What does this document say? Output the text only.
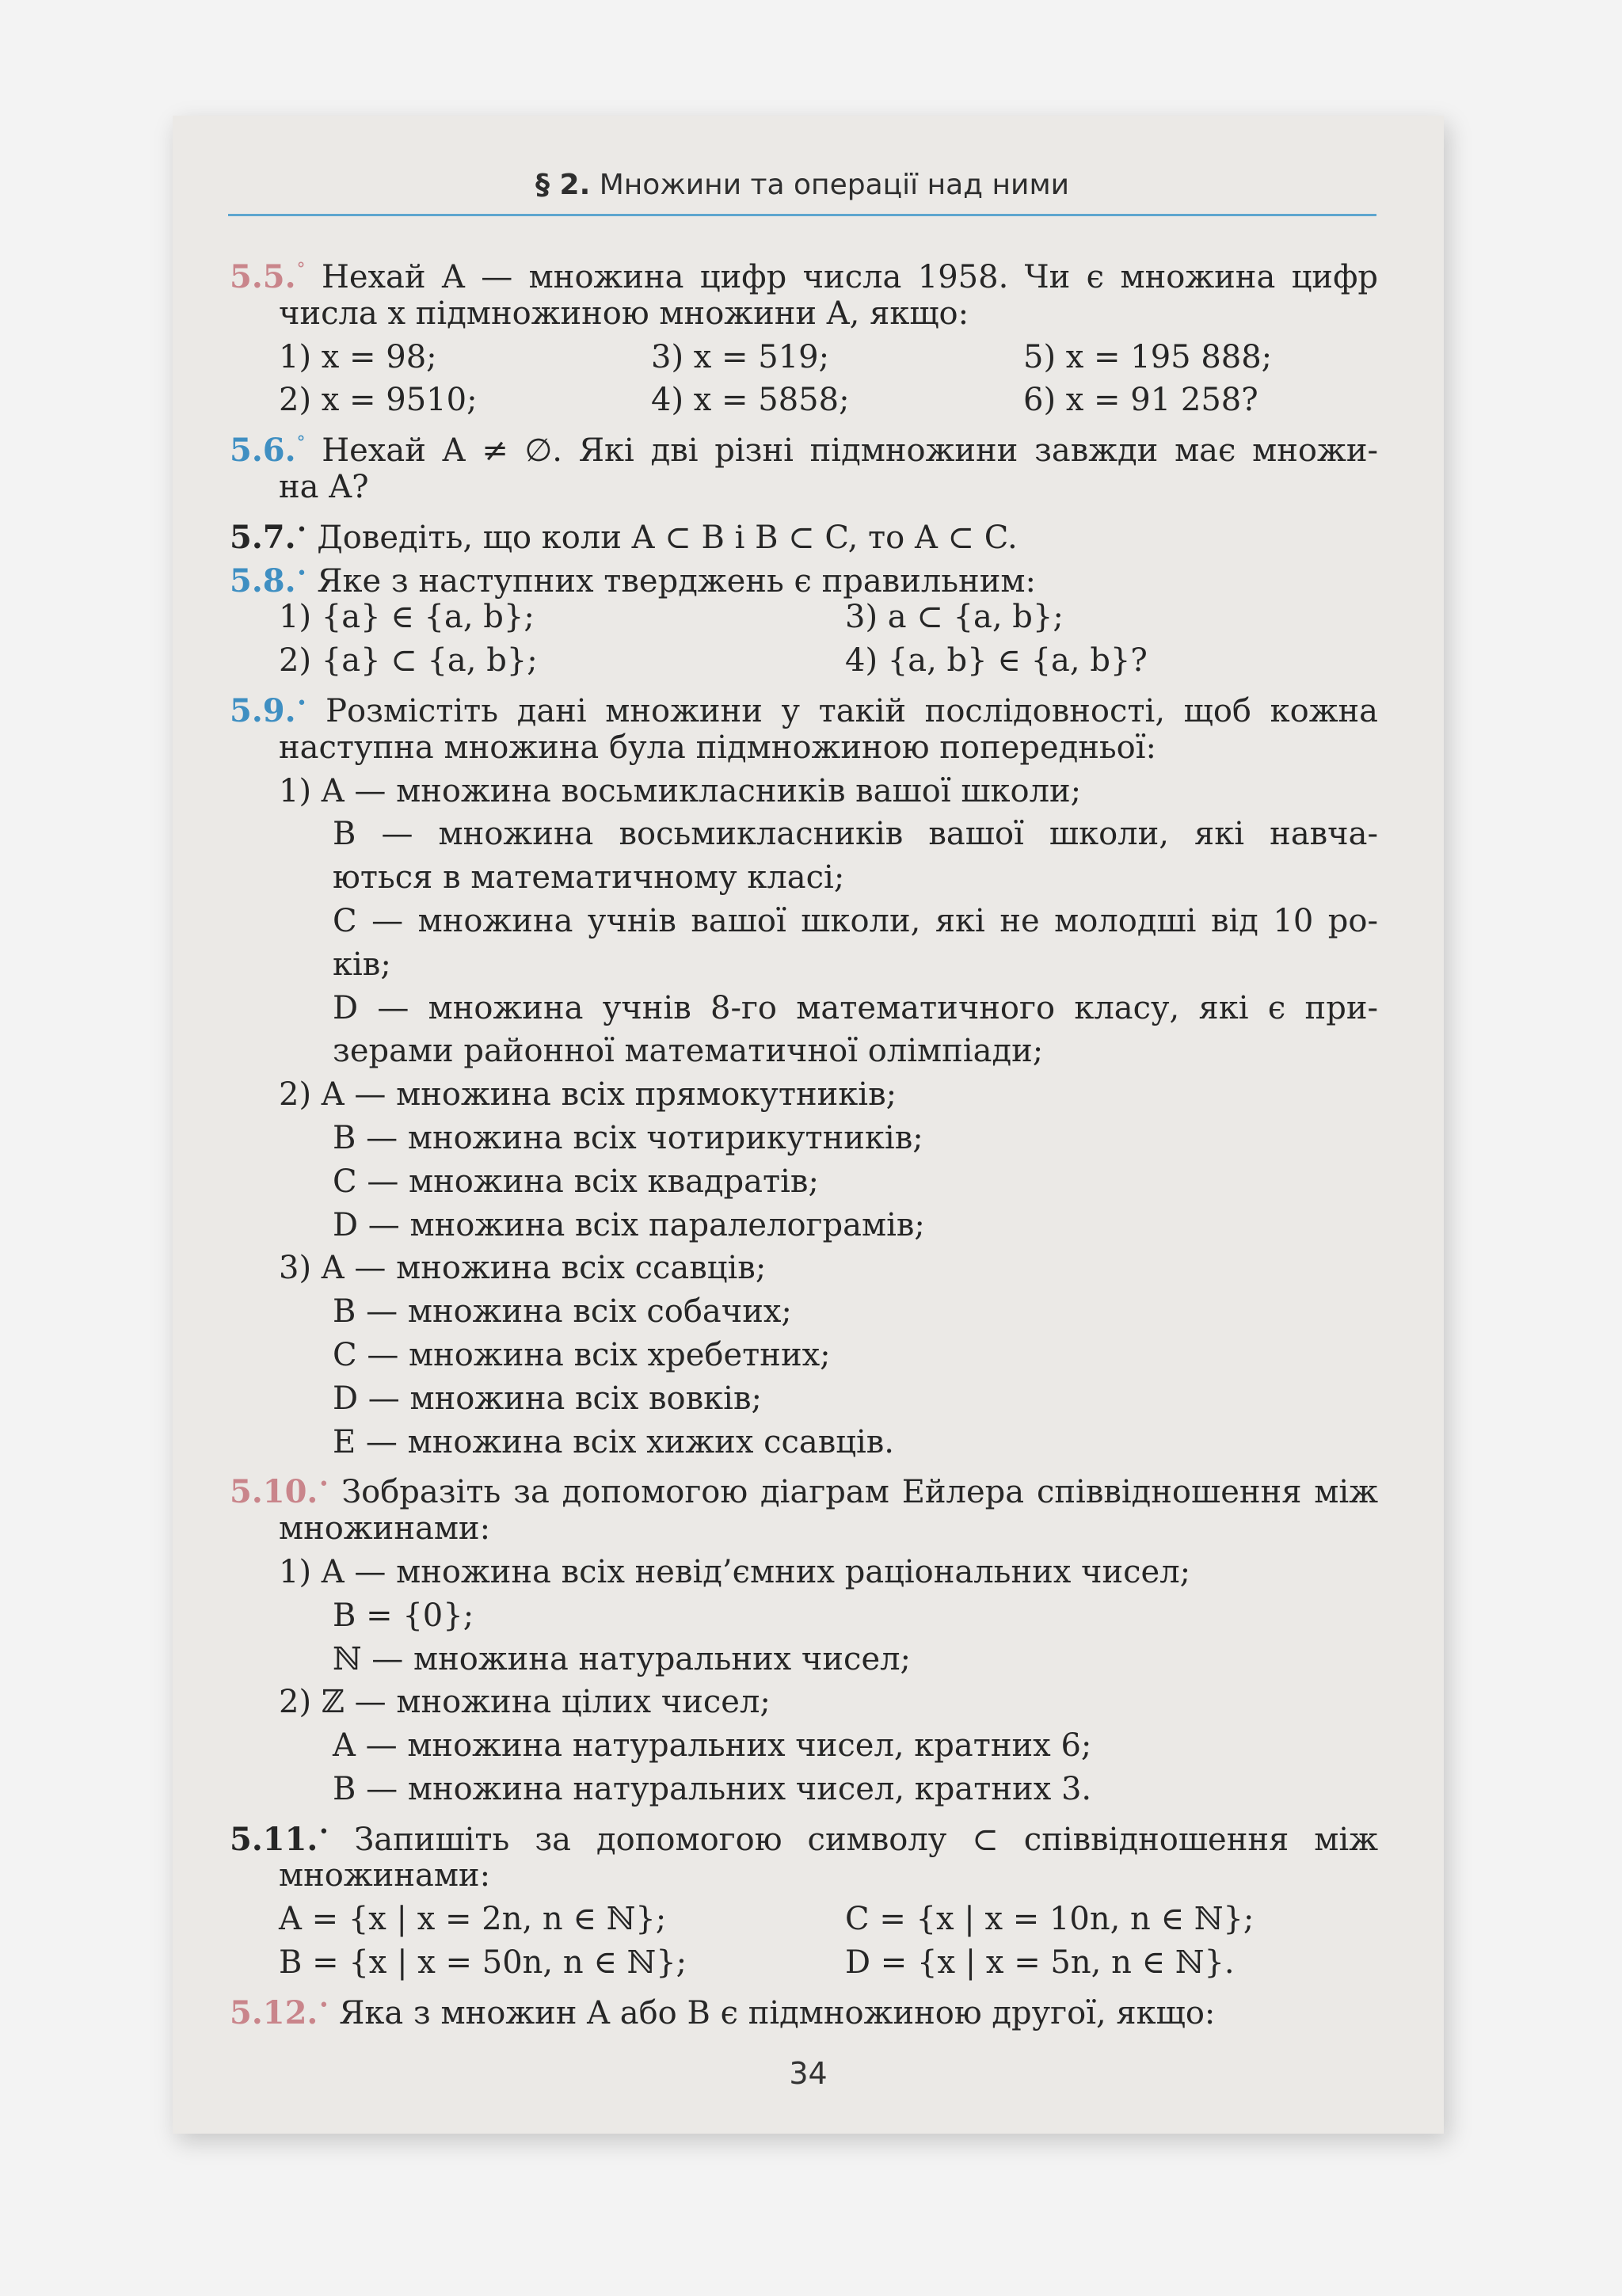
§ 2. Множини та операції над ними
5.5.° Нехай A — множина цифр числа 1958. Чи є множина цифр
числа x підмножиною множини A, якщо:
1) x = 98;	3) x = 519;	5) x = 195 888;
2) x = 9510;	4) x = 5858;	6) x = 91 258?
5.6.° Нехай A ≠ ∅. Які дві різні підмножини завжди має множи-
на A?
5.7.• Доведіть, що коли A ⊂ B і B ⊂ C, то A ⊂ C.
5.8.• Яке з наступних тверджень є правильним:
1) {a} ∈ {a, b};	3) a ⊂ {a, b};
2) {a} ⊂ {a, b};	4) {a, b} ∈ {a, b}?
5.9.• Розмістіть дані множини у такій послідовності, щоб кожна
наступна множина була підмножиною попередньої:
1) A — множина восьмикласників вашої школи;
B — множина восьмикласників вашої школи, які навча-
ються в математичному класі;
C — множина учнів вашої школи, які не молодші від 10 ро-
ків;
D — множина учнів 8-го математичного класу, які є при-
зерами районної математичної олімпіади;
2) A — множина всіх прямокутників;
B — множина всіх чотирикутників;
C — множина всіх квадратів;
D — множина всіх паралелограмів;
3) A — множина всіх ссавців;
B — множина всіх собачих;
C — множина всіх хребетних;
D — множина всіх вовків;
E — множина всіх хижих ссавців.
5.10.• Зобразіть за допомогою діаграм Ейлера співвідношення між
множинами:
1) A — множина всіх невід’ємних раціональних чисел;
B = {0};
ℕ — множина натуральних чисел;
2) ℤ — множина цілих чисел;
A — множина натуральних чисел, кратних 6;
B — множина натуральних чисел, кратних 3.
5.11.• Запишіть за допомогою символу ⊂ співвідношення між
множинами:
A = {x | x = 2n, n ∈ ℕ};	C = {x | x = 10n, n ∈ ℕ};
B = {x | x = 50n, n ∈ ℕ};	D = {x | x = 5n, n ∈ ℕ}.
5.12.• Яка з множин A або B є підмножиною другої, якщо:
34
